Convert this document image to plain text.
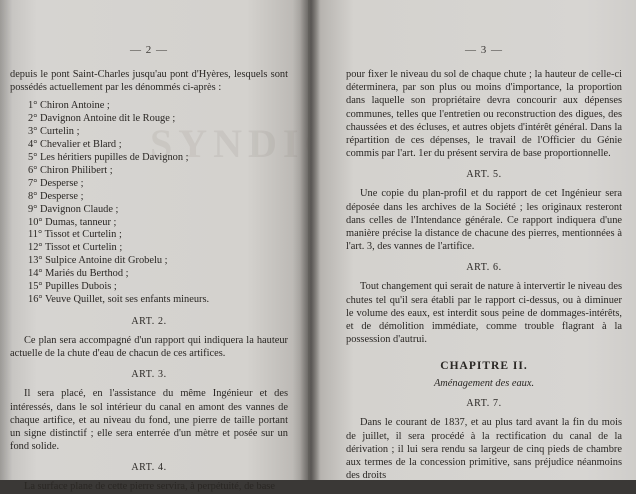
SYNDIC
— 2 —

depuis le pont Saint-Charles jusqu'au pont d'Hyères, lesquels sont possédés actuellement par les dénommés ci-après :

1° Chiron Antoine ;
2° Davignon Antoine dit le Rouge ;
3° Curtelin ;
4° Chevalier et Blard ;
5° Les héritiers pupilles de Davignon ;
6° Chiron Philibert ;
7° Desperse ;
8° Desperse ;
9° Davignon Claude ;
10° Dumas, tanneur ;
11° Tissot et Curtelin ;
12° Tissot et Curtelin ;
13° Sulpice Antoine dit Grobelu ;
14° Mariés du Berthod ;
15° Pupilles Dubois ;
16° Veuve Quillet, soit ses enfants mineurs.
ART. 2.

Ce plan sera accompagné d'un rapport qui indiquera la hauteur actuelle de la chute d'eau de chacun de ces artifices.

ART. 3.

Il sera placé, en l'assistance du même Ingénieur et des intéressés, dans le sol intérieur du canal en amont des vannes de chaque artifice, et au niveau du fond, une pierre de taille portant un signe distinctif ; elle sera enterrée d'un mètre et posée sur un fond solide.

ART. 4.

La surface plane de cette pierre servira, à perpétuité, de base

— 3 —

pour fixer le niveau du sol de chaque chute ; la hauteur de celle-ci déterminera, par son plus ou moins d'importance, la proportion dans laquelle son propriétaire devra concourir aux dépenses communes, telles que l'entretien ou reconstruction des digues, des chaussées et des écluses, et autres objets d'intérêt général. Dans la répartition de ces dépenses, le travail de l'Officier du Génie commis par l'art. 1er du présent servira de base proportionnelle.

ART. 5.

Une copie du plan-profil et du rapport de cet Ingénieur sera déposée dans les archives de la Société ; les originaux resteront dans celles de l'Intendance générale. Ce rapport indiquera d'une manière précise la distance de chacune des pierres, mentionnées à l'art. 3, des vannes de l'artifice.

ART. 6.

Tout changement qui serait de nature à intervertir le niveau des chutes tel qu'il sera établi par le rapport ci-dessus, ou à diminuer le volume des eaux, est interdit sous peine de dommages-intérêts, et de démolition immédiate, comme trouble flagrant à la possession d'autrui.

CHAPITRE II.
Aménagement des eaux.
ART. 7.

Dans le courant de 1837, et au plus tard avant la fin du mois de juillet, il sera procédé à la rectification du canal de la dérivation ; il lui sera rendu sa largeur de cinq pieds de chambre aux termes de la concession primitive, sans préjudice néanmoins des droits
